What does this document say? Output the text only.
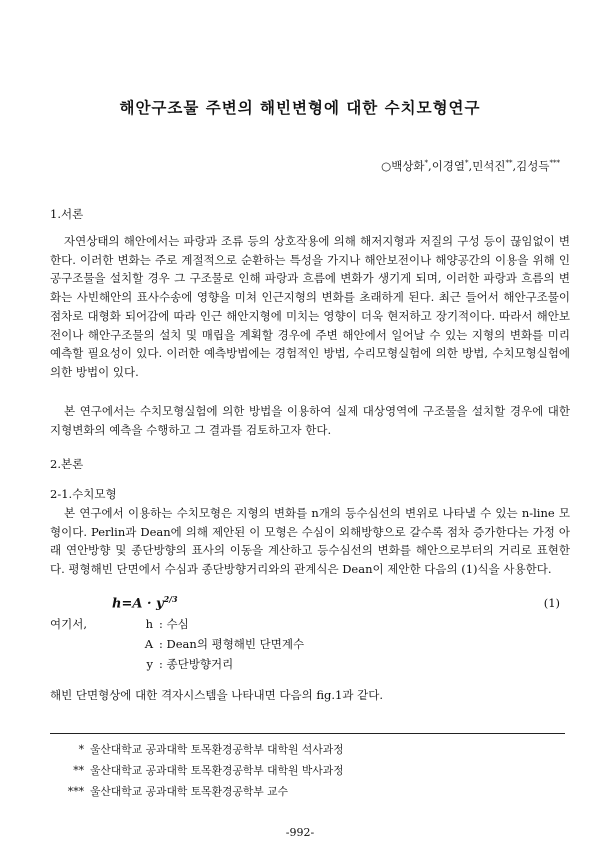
해안구조물 주변의 해빈변형에 대한 수치모형연구
○백상화*,이경열*,민석진**,김성득***
1.서론

자연상태의 해안에서는 파랑과 조류 등의 상호작용에 의해 해저지형과 저질의 구성 등이 끊임없이 변한다. 이러한 변화는 주로 계절적으로 순환하는 특성을 가지나 해안보전이나 해양공간의 이용을 위해 인공구조물을 설치할 경우 그 구조물로 인해 파랑과 흐름에 변화가 생기게 되며, 이러한 파랑과 흐름의 변화는 사빈해안의 표사수송에 영향을 미쳐 인근지형의 변화를 초래하게 된다. 최근 들어서 해안구조물이 점차로 대형화 되어감에 따라 인근 해안지형에 미치는 영향이 더욱 현저하고 장기적이다. 따라서 해안보전이나 해안구조물의 설치 및 매립을 계획할 경우에 주변 해안에서 일어날 수 있는 지형의 변화를 미리 예측할 필요성이 있다. 이러한 예측방법에는 경험적인 방법, 수리모형실험에 의한 방법, 수치모형실험에 의한 방법이 있다.

본 연구에서는 수치모형실험에 의한 방법을 이용하여 실제 대상영역에 구조물을 설치할 경우에 대한 지형변화의 예측을 수행하고 그 결과를 검토하고자 한다.

2.본론
2-1.수치모형

본 연구에서 이용하는 수치모형은 지형의 변화를 n개의 등수심선의 변위로 나타낼 수 있는 n-line 모형이다. Perlin과 Dean에 의해 제안된 이 모형은 수심이 외해방향으로 갈수록 점차 증가한다는 가정 아래 연안방향 및 종단방향의 표사의 이동을 계산하고 등수심선의 변화를 해안으로부터의 거리로 표현한다. 평형해빈 단면에서 수심과 종단방향거리와의 관계식은 Dean이 제안한 다음의 (1)식을 사용한다.

$h=A \cdot y^{2/3}$	(1)
여기서,	h : 수심
A : Dean의 평형해빈 단면계수
y : 종단방향거리

해빈 단면형상에 대한 격자시스템을 나타내면 다음의 fig.1과 같다.

* 울산대학교 공과대학 토목환경공학부 대학원 석사과정
** 울산대학교 공과대학 토목환경공학부 대학원 박사과정
*** 울산대학교 공과대학 토목환경공학부 교수
-992-
